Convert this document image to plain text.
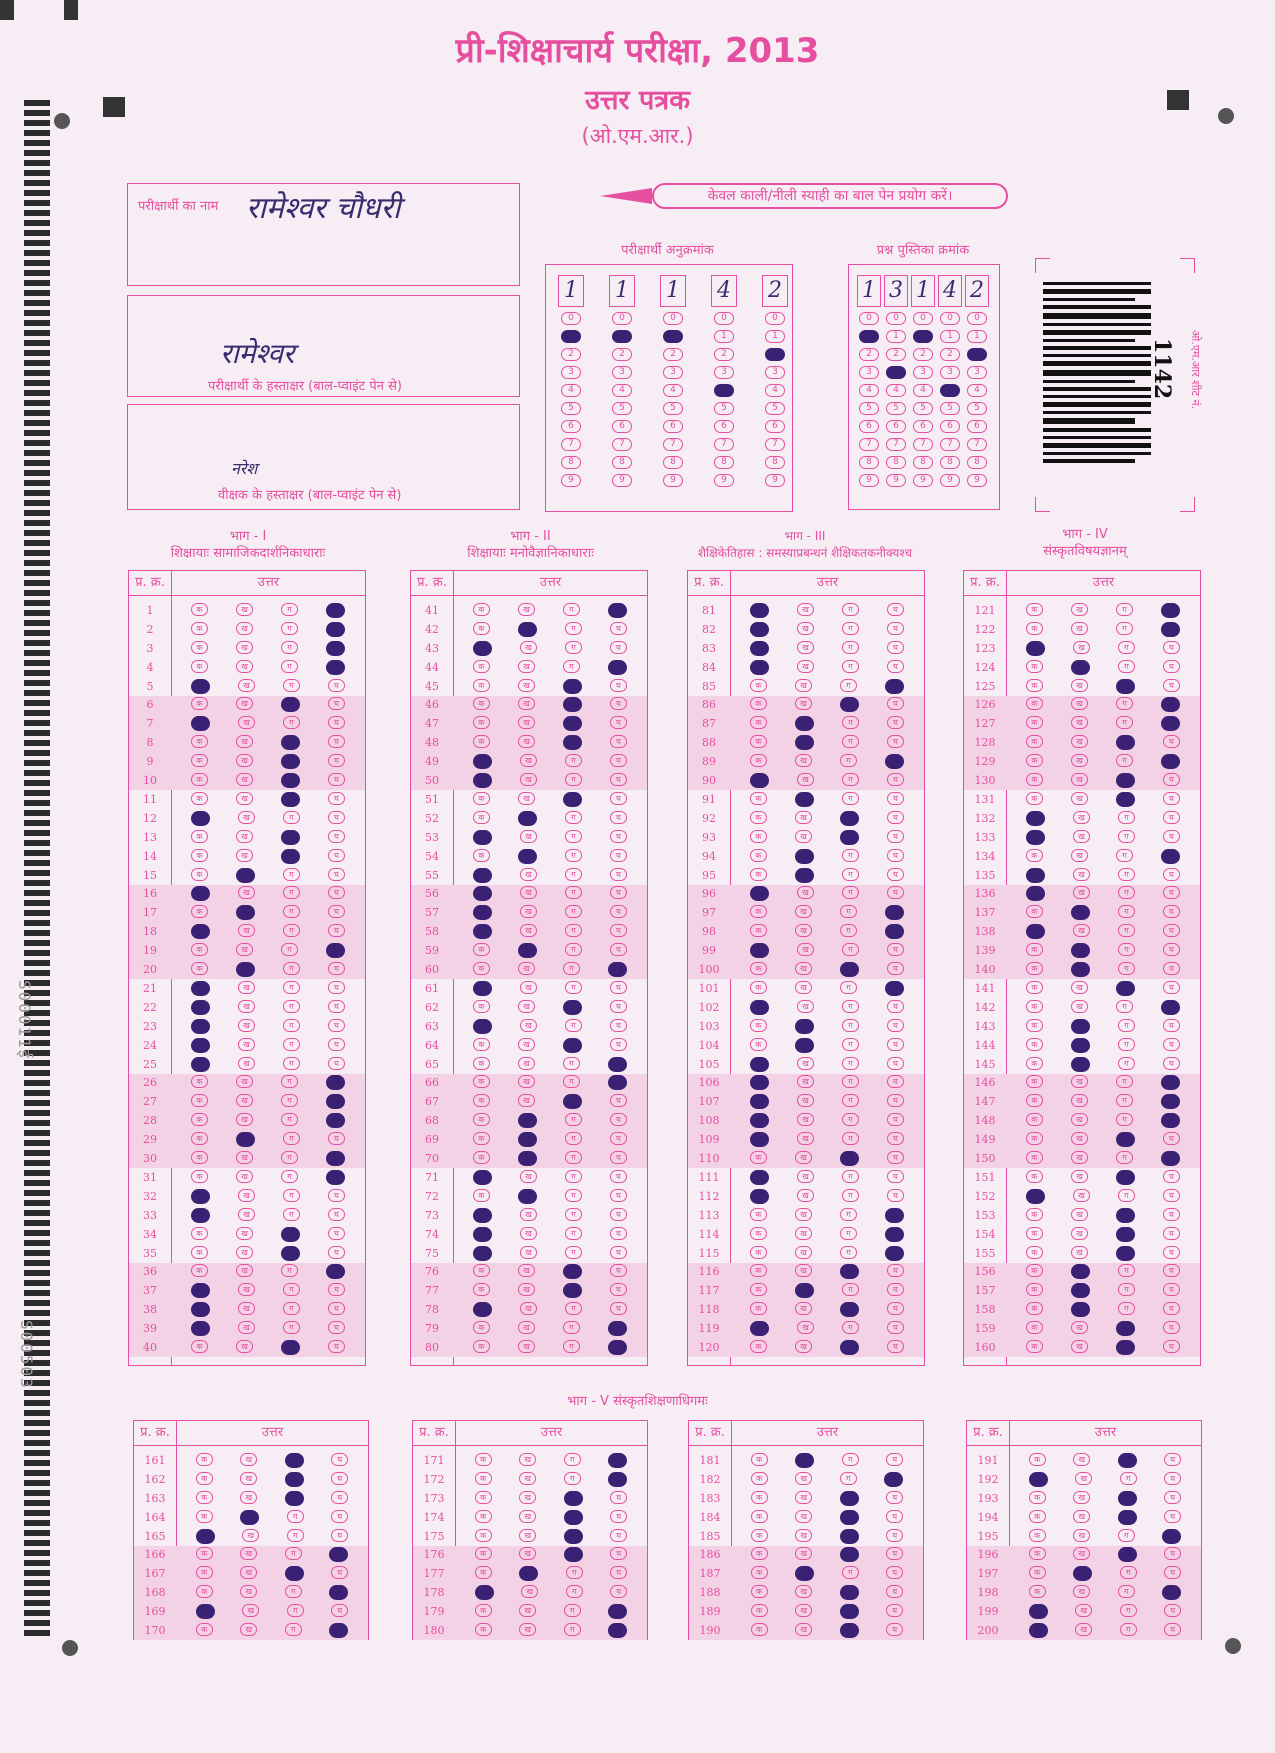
प्री-शिक्षाचार्य परीक्षा, 2013
उत्तर पत्रक
(ओ.एम.आर.)
S00011ई
S00503
परीक्षार्थी का नाम रामेश्वर चौधरी
रामेश्वर
परीक्षार्थी के हस्ताक्षर (बाल-प्वाइंट पेन से)
नरेश
वीक्षक के हस्ताक्षर (बाल-प्वाइंट पेन से)
केवल काली/नीली स्याही का बाल पेन प्रयोग करें।
परीक्षार्थी अनुक्रमांक
1
0
1
2
3
4
5
6
7
8
9
1
0
1
2
3
4
5
6
7
8
9
1
0
1
2
3
4
5
6
7
8
9
4
0
1
2
3
4
5
6
7
8
9
2
0
1
2
3
4
5
6
7
8
9
प्रश्न पुस्तिका क्रमांक
1
0
1
2
3
4
5
6
7
8
9
3
0
1
2
3
4
5
6
7
8
9
1
0
1
2
3
4
5
6
7
8
9
4
0
1
2
3
4
5
6
7
8
9
2
0
1
2
3
4
5
6
7
8
9
1142 ओ.एम.आर शीट नं.
भाग - I
शिक्षायाः सामाजिकदार्शनिकाधाराः
भाग - II
शिक्षायाः मनोवैज्ञानिकाधाराः
भाग - III
शैक्षिकेतिहास : समस्याप्रबन्धनं शैक्षिकतकनीक्यश्च
भाग - IV
संस्कृतविषयज्ञानम्
प्र. क्र.	उत्तर
1	क	ख	ग	घ
2	क	ख	ग	घ
3	क	ख	ग	घ
4	क	ख	ग	घ
5	क	ख	ग	घ
6	क	ख	ग	घ
7	क	ख	ग	घ
8	क	ख	ग	घ
9	क	ख	ग	घ
10	क	ख	ग	घ
11	क	ख	ग	घ
12	क	ख	ग	घ
13	क	ख	ग	घ
14	क	ख	ग	घ
15	क	ख	ग	घ
16	क	ख	ग	घ
17	क	ख	ग	घ
18	क	ख	ग	घ
19	क	ख	ग	घ
20	क	ख	ग	घ
21	क	ख	ग	घ
22	क	ख	ग	घ
23	क	ख	ग	घ
24	क	ख	ग	घ
25	क	ख	ग	घ
26	क	ख	ग	घ
27	क	ख	ग	घ
28	क	ख	ग	घ
29	क	ख	ग	घ
30	क	ख	ग	घ
31	क	ख	ग	घ
32	क	ख	ग	घ
33	क	ख	ग	घ
34	क	ख	ग	घ
35	क	ख	ग	घ
36	क	ख	ग	घ
37	क	ख	ग	घ
38	क	ख	ग	घ
39	क	ख	ग	घ
40	क	ख	ग	घ
प्र. क्र.	उत्तर
41	क	ख	ग	घ
42	क	ख	ग	घ
43	क	ख	ग	घ
44	क	ख	ग	घ
45	क	ख	ग	घ
46	क	ख	ग	घ
47	क	ख	ग	घ
48	क	ख	ग	घ
49	क	ख	ग	घ
50	क	ख	ग	घ
51	क	ख	ग	घ
52	क	ख	ग	घ
53	क	ख	ग	घ
54	क	ख	ग	घ
55	क	ख	ग	घ
56	क	ख	ग	घ
57	क	ख	ग	घ
58	क	ख	ग	घ
59	क	ख	ग	घ
60	क	ख	ग	घ
61	क	ख	ग	घ
62	क	ख	ग	घ
63	क	ख	ग	घ
64	क	ख	ग	घ
65	क	ख	ग	घ
66	क	ख	ग	घ
67	क	ख	ग	घ
68	क	ख	ग	घ
69	क	ख	ग	घ
70	क	ख	ग	घ
71	क	ख	ग	घ
72	क	ख	ग	घ
73	क	ख	ग	घ
74	क	ख	ग	घ
75	क	ख	ग	घ
76	क	ख	ग	घ
77	क	ख	ग	घ
78	क	ख	ग	घ
79	क	ख	ग	घ
80	क	ख	ग	घ
प्र. क्र.	उत्तर
81	क	ख	ग	घ
82	क	ख	ग	घ
83	क	ख	ग	घ
84	क	ख	ग	घ
85	क	ख	ग	घ
86	क	ख	ग	घ
87	क	ख	ग	घ
88	क	ख	ग	घ
89	क	ख	ग	घ
90	क	ख	ग	घ
91	क	ख	ग	घ
92	क	ख	ग	घ
93	क	ख	ग	घ
94	क	ख	ग	घ
95	क	ख	ग	घ
96	क	ख	ग	घ
97	क	ख	ग	घ
98	क	ख	ग	घ
99	क	ख	ग	घ
100	क	ख	ग	घ
101	क	ख	ग	घ
102	क	ख	ग	घ
103	क	ख	ग	घ
104	क	ख	ग	घ
105	क	ख	ग	घ
106	क	ख	ग	घ
107	क	ख	ग	घ
108	क	ख	ग	घ
109	क	ख	ग	घ
110	क	ख	ग	घ
111	क	ख	ग	घ
112	क	ख	ग	घ
113	क	ख	ग	घ
114	क	ख	ग	घ
115	क	ख	ग	घ
116	क	ख	ग	घ
117	क	ख	ग	घ
118	क	ख	ग	घ
119	क	ख	ग	घ
120	क	ख	ग	घ
प्र. क्र.	उत्तर
121	क	ख	ग	घ
122	क	ख	ग	घ
123	क	ख	ग	घ
124	क	ख	ग	घ
125	क	ख	ग	घ
126	क	ख	ग	घ
127	क	ख	ग	घ
128	क	ख	ग	घ
129	क	ख	ग	घ
130	क	ख	ग	घ
131	क	ख	ग	घ
132	क	ख	ग	घ
133	क	ख	ग	घ
134	क	ख	ग	घ
135	क	ख	ग	घ
136	क	ख	ग	घ
137	क	ख	ग	घ
138	क	ख	ग	घ
139	क	ख	ग	घ
140	क	ख	ग	घ
141	क	ख	ग	घ
142	क	ख	ग	घ
143	क	ख	ग	घ
144	क	ख	ग	घ
145	क	ख	ग	घ
146	क	ख	ग	घ
147	क	ख	ग	घ
148	क	ख	ग	घ
149	क	ख	ग	घ
150	क	ख	ग	घ
151	क	ख	ग	घ
152	क	ख	ग	घ
153	क	ख	ग	घ
154	क	ख	ग	घ
155	क	ख	ग	घ
156	क	ख	ग	घ
157	क	ख	ग	घ
158	क	ख	ग	घ
159	क	ख	ग	घ
160	क	ख	ग	घ
भाग - V संस्कृतशिक्षणाधिगमः
प्र. क्र.	उत्तर
161	क	ख	ग	घ
162	क	ख	ग	घ
163	क	ख	ग	घ
164	क	ख	ग	घ
165	क	ख	ग	घ
166	क	ख	ग	घ
167	क	ख	ग	घ
168	क	ख	ग	घ
169	क	ख	ग	घ
170	क	ख	ग	घ
प्र. क्र.	उत्तर
171	क	ख	ग	घ
172	क	ख	ग	घ
173	क	ख	ग	घ
174	क	ख	ग	घ
175	क	ख	ग	घ
176	क	ख	ग	घ
177	क	ख	ग	घ
178	क	ख	ग	घ
179	क	ख	ग	घ
180	क	ख	ग	घ
प्र. क्र.	उत्तर
181	क	ख	ग	घ
182	क	ख	ग	घ
183	क	ख	ग	घ
184	क	ख	ग	घ
185	क	ख	ग	घ
186	क	ख	ग	घ
187	क	ख	ग	घ
188	क	ख	ग	घ
189	क	ख	ग	घ
190	क	ख	ग	घ
प्र. क्र.	उत्तर
191	क	ख	ग	घ
192	क	ख	ग	घ
193	क	ख	ग	घ
194	क	ख	ग	घ
195	क	ख	ग	घ
196	क	ख	ग	घ
197	क	ख	ग	घ
198	क	ख	ग	घ
199	क	ख	ग	घ
200	क	ख	ग	घ
